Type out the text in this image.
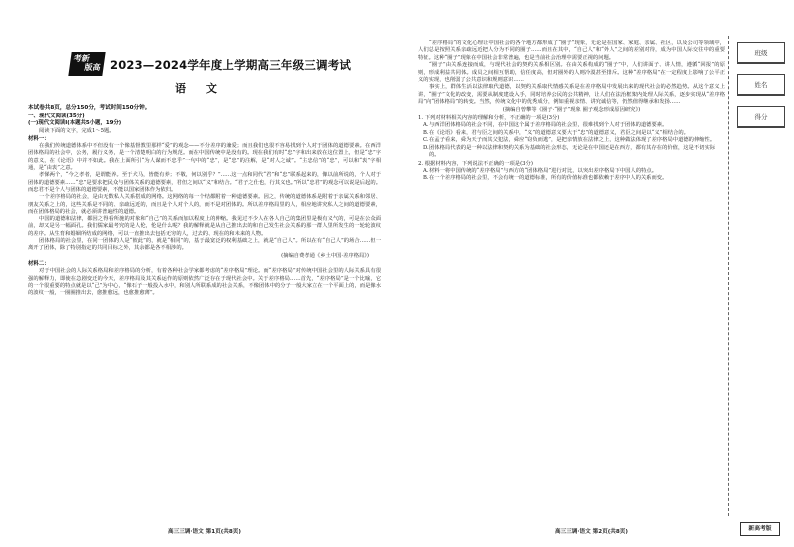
考新
版高 2023—2024学年度上学期高三年级三调考试
语 文
本试卷共8页，总分150分，考试时间150分钟。
一、现代文阅读(35分)
(一)现代文阅读Ⅰ(本题共5小题，19分)
阅读下面的文字，完成1～5题。
材料一：

在我们传统道德体系中不但没有一个像基督教里那样“爱”的观念——不分差序的兼爱；而且我们也很不容易找到个人对于团体的道德要素。在西洋团体格局的社会中，公务，履行义务，是一个清楚明白的行为规范。而在中国传统中是没有的。现在我们有时“忠”字和出来放在这位置上，但是“忠”字的意义，在《论语》中并不如此。我在上面所引“为人谋而不忠乎”一句中的“忠”，是“忠”的注解，是“对人之诚”。“主忠信”的“忠”，可以和“衷”字相通，是“由衷”之意。

孝悌两个，“今之孝者，是谓能养。至于犬马，皆能有养；不敬，何以别乎？”……这一点和同代“君”和“忠”联系起来的，像以前所说的，个人对于团体的道德要素……“忠”是要求把民众与团体关系的道德要素，君但之间以“义”和结合。“君子之仕也，行其义也。”所以“忠君”的观念可以说是后起的。而忠君不是个人与团体的道德要素，不能以国家团体作为依归。

一个差序格局的社会，是由无数私人关系搭成的网络。这网络的每一个结都附着一种道德要素。因之，传统的道德体系是附着于亲属关系和邻居、朋友关系之上的，这些关系是不同的、亲疏远近的，而且是个人对个人的，而不是对团体的。所以差序格局里的人，相应地讲究私人之间的道德要素，而在团体格局的社会，就必须讲普遍性的道德。

中国的道德和法律，都因之得看所施的对象和“自己”的关系而加以程度上的伸缩。我见过不少人在各人自己的集团里是极有义气的，可是在公众面前，却又是另一幅面孔。我们儒家最考究的是人伦，伦是什么呢？我的解释就是从自己推出去的和自己发生社会关系的那一群人里所发生的一轮轮波纹的差序。从生育和婚姻所结成的网络，可以一直推出去包括无穷的人，过去的、现在的和未来的人物。

团体格局的社会里，在同一团体的人是“彼此”的，就是“相同”的，基于最宽泛的权利基础之上，就是“自己人”。所以在有“自己人”的场合……但一离开了团体，除了特别指定的共同目标之外，其余都是各不相涉的。

(摘编自费孝通《乡土中国·差序格局》)
材料二：

对于中国社会的人际关系格局和差序格局的分析，有着各种社会学家都考虑的“差序格局”理论。而“差序格局”对传统中国社会里的人际关系具有很强的解释力，即使在急剧变迁的今天，差序格局及其关系运作的原则依然广泛存在于现代社会中。关于差序格局……首先，“差序格局”是一个比喻，它的一个很重要的特点就是以“己”为中心，“像石子一般投入水中，和别人所联系成的社会关系，不像团体中的分子一般大家立在一个平面上的，而是像水的波纹一般，一圈圈推出去，愈推愈远，也愈推愈薄”。

“差序格局”的文化心理让中国社会的各个地方都形成了“圈子”现象，无论是在国家、家庭、亲属、社区，以及公司等领域中，人们总是按照关系亲疏远近把人分为不同的圈子……而且在其中，“自己人”和“外人”之间的差别对待，成为中国人际交往中的重要特征。这种“圈子”现象在中国社会非常普遍，也是当前社会治理中需要正视的问题。

“圈子”由关系连接而成，与现代社会的契约关系相区别。在由关系构成的“圈子”中，人们讲面子、讲人情，遵循“回报”的原则，形成利益共同体。成员之间相互帮助，信任度高，但对圈外的人则冷漠甚至排斥。这种“差序格局”在一定程度上影响了公平正义的实现，也削弱了公共意识和规则意识……

事实上，群体生活以法律取代道德，以契约关系取代情感关系是在差序格局中发展出来的现代社会的必然趋势。从这个意义上讲，“圈子”文化的改变，需要从制度建设入手，同时培养公民的公共精神，让人们在法治框架内处理人际关系，逐步实现从“差序格局”向“团体格局”的转变。当然，传统文化中的优秀成分，例如重视亲情、讲究诚信等，仍然值得继承和发扬……

(摘编自曾攀等《圈子·“圈子”现象 圈子观念形成原因研究》)
1. 下列对材料相关内容的理解和分析，不正确的一项是(3分)
A.与西洋团体格局的社会不同，在中国这个属于差序格局的社会里，很难找到个人对于团体的道德要素。
B.在《论语》看来，君与臣之间的关系中，“义”的道德意义要大于“忠”的道德意义，君臣之间是以“义”相结合的。
C.在孟子看来，舜为天子而其父犯法，舜应“窃负而逃”，是把亲情放在法律之上，这种做法体现了差序格局中道德的伸缩性。
D.团体格局代表的是一种以法律和契约关系为基础的社会形态，无论是在中国还是在西方，都有其存在的价值，这是不切实际的。
2. 根据材料内容，下列说法不正确的一项是(3分)
A.材料一将中国传统的“差序格局”与西方的“团体格局”进行对比，以突出差序格局下中国人的特点。
B.在一个差序格局的社会里，不会有统一的道德标准，所有的价值标准也都依赖于差序中人的关系而变。
班级
姓名
得分
高三三调·语文 第1页(共8页)	高三三调·语文 第2页(共8页)	新高考版
